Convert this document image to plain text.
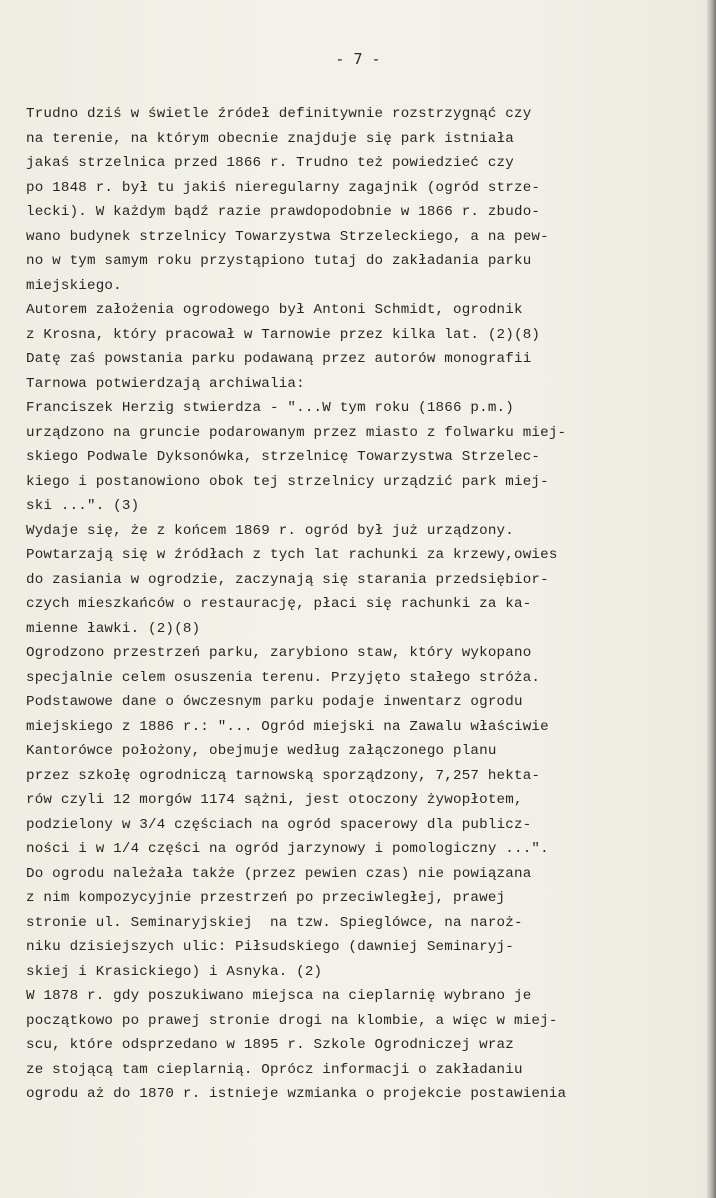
- 7 -
Trudno dziś w świetle źródeł definitywnie rozstrzygnąć czy
na terenie, na którym obecnie znajduje się park istniała
jakaś strzelnica przed 1866 r. Trudno też powiedzieć czy
po 1848 r. był tu jakiś nieregularny zagajnik (ogród strze-
lecki). W każdym bądź razie prawdopodobnie w 1866 r. zbudo-
wano budynek strzelnicy Towarzystwa Strzeleckiego, a na pew-
no w tym samym roku przystąpiono tutaj do zakładania parku
miejskiego.
Autorem założenia ogrodowego był Antoni Schmidt, ogrodnik
z Krosna, który pracował w Tarnowie przez kilka lat. (2)(8)
Datę zaś powstania parku podawaną przez autorów monografii
Tarnowa potwierdzają archiwalia:
Franciszek Herzig stwierdza - "...W tym roku (1866 p.m.)
urządzono na gruncie podarowanym przez miasto z folwarku miej-
skiego Podwale Dyksonówka, strzelnicę Towarzystwa Strzelec-
kiego i postanowiono obok tej strzelnicy urządzić park miej-
ski ...". (3)
Wydaje się, że z końcem 1869 r. ogród był już urządzony.
Powtarzają się w źródłach z tych lat rachunki za krzewy,owies
do zasiania w ogrodzie, zaczynają się starania przedsiębior-
czych mieszkańców o restaurację, płaci się rachunki za ka-
mienne ławki. (2)(8)
Ogrodzono przestrzeń parku, zarybiono staw, który wykopano
specjalnie celem osuszenia terenu. Przyjęto stałego stróża.
Podstawowe dane o ówczesnym parku podaje inwentarz ogrodu
miejskiego z 1886 r.: "... Ogród miejski na Zawalu właściwie
Kantorówce położony, obejmuje według załączonego planu
przez szkołę ogrodniczą tarnowską sporządzony, 7,257 hekta-
rów czyli 12 morgów 1174 sążni, jest otoczony żywopłotem,
podzielony w 3/4 częściach na ogród spacerowy dla publicz-
ności i w 1/4 części na ogród jarzynowy i pomologiczny ...".
Do ogrodu należała także (przez pewien czas) nie powiązana
z nim kompozycyjnie przestrzeń po przeciwległej, prawej
stronie ul. Seminaryjskiej  na tzw. Spieglówce, na naroż-
niku dzisiejszych ulic: Piłsudskiego (dawniej Seminaryj-
skiej i Krasickiego) i Asnyka. (2)
W 1878 r. gdy poszukiwano miejsca na cieplarnię wybrano je
początkowo po prawej stronie drogi na klombie, a więc w miej-
scu, które odsprzedano w 1895 r. Szkole Ogrodniczej wraz
ze stojącą tam cieplarnią. Oprócz informacji o zakładaniu
ogrodu aż do 1870 r. istnieje wzmianka o projekcie postawienia
